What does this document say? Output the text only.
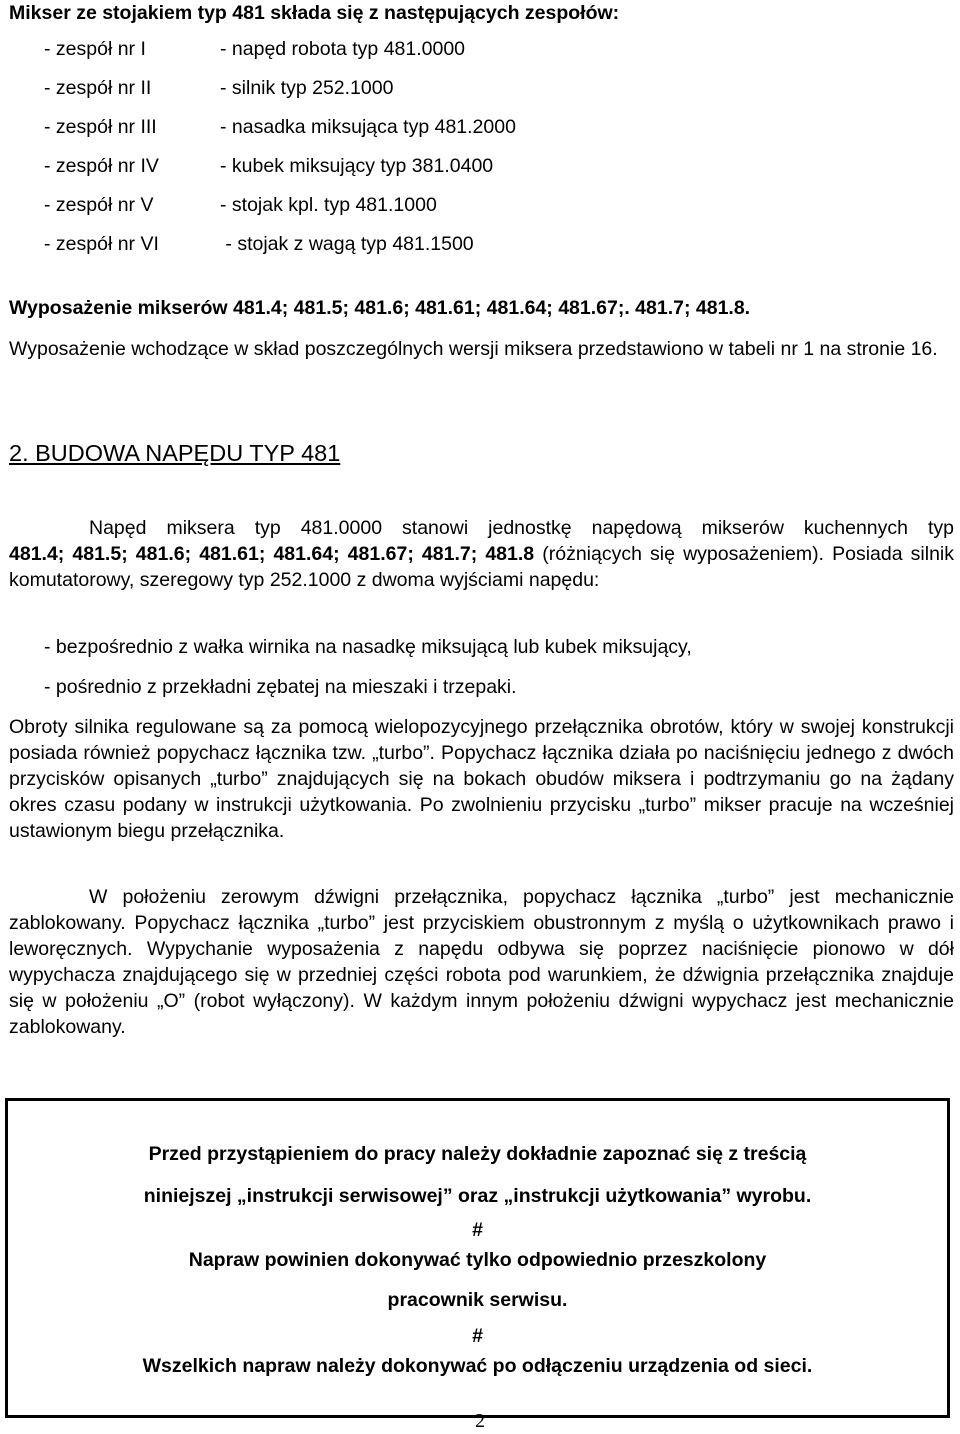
Mikser ze stojakiem typ 481 składa się z następujących zespołów:
- zespół nr I	- napęd robota typ 481.0000
- zespół nr II	- silnik typ 252.1000
- zespół nr III	- nasadka miksująca typ 481.2000
- zespół nr IV	- kubek miksujący typ 381.0400
- zespół nr V	- stojak kpl. typ 481.1000
- zespół nr VI	- stojak z wagą typ 481.1500
Wyposażenie mikserów 481.4; 481.5; 481.6; 481.61; 481.64; 481.67;. 481.7; 481.8.
Wyposażenie wchodzące w skład poszczególnych wersji miksera przedstawiono w tabeli nr 1 na stronie 16.
2. BUDOWA NAPĘDU TYP 481
Napęd miksera typ 481.0000 stanowi jednostkę napędową mikserów kuchennych typ
481.4; 481.5; 481.6; 481.61; 481.64; 481.67; 481.7; 481.8 (różniących się wyposażeniem). Posiada silnik komutatorowy, szeregowy typ 252.1000 z dwoma wyjściami napędu:
- bezpośrednio z wałka wirnika na nasadkę miksującą lub kubek miksujący,
- pośrednio z przekładni zębatej na mieszaki i trzepaki.
Obroty silnika regulowane są za pomocą wielopozycyjnego przełącznika obrotów, który w swojej konstrukcji posiada również popychacz łącznika tzw. „turbo”. Popychacz łącznika działa po naciśnięciu jednego z dwóch przycisków opisanych „turbo” znajdujących się na bokach obudów miksera i podtrzymaniu go na żądany okres czasu podany w instrukcji użytkowania. Po zwolnieniu przycisku „turbo” mikser pracuje na wcześniej ustawionym biegu przełącznika.
W położeniu zerowym dźwigni przełącznika, popychacz łącznika „turbo” jest mechanicznie zablokowany. Popychacz łącznika „turbo” jest przyciskiem obustronnym z myślą o użytkownikach prawo i leworęcznych. Wypychanie wyposażenia z napędu odbywa się poprzez naciśnięcie pionowo w dół wypychacza znajdującego się w przedniej części robota pod warunkiem, że dźwignia przełącznika znajduje się w położeniu „O” (robot wyłączony). W każdym innym położeniu dźwigni wypychacz jest mechanicznie zablokowany.
Przed przystąpieniem do pracy należy dokładnie zapoznać się z treścią
niniejszej „instrukcji serwisowej” oraz „instrukcji użytkowania” wyrobu.
#
Napraw powinien dokonywać tylko odpowiednio przeszkolony
pracownik serwisu.
#
Wszelkich napraw należy dokonywać po odłączeniu urządzenia od sieci.
2
